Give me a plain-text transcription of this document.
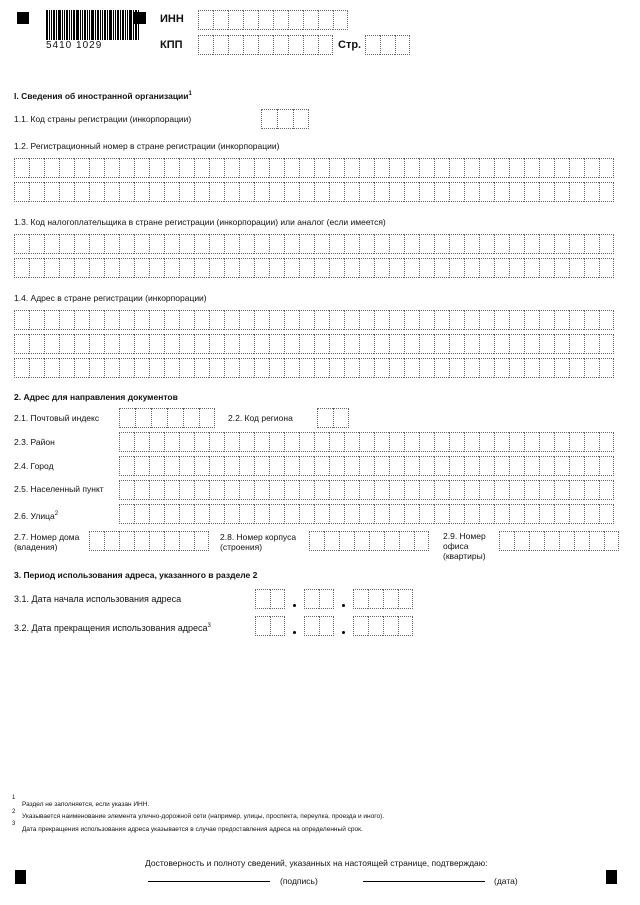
5410 1029
ИНН
КПП	Стр.
I. Сведения об иностранной организации$^1$
1.1. Код страны регистрации (инкорпорации)
1.2. Регистрационный номер в стране регистрации (инкорпорации)
1.3. Код налогоплательщика в стране регистрации (инкорпорации) или аналог (если имеется)
1.4. Адрес в стране регистрации (инкорпорации)
2. Адрес для направления документов
2.1. Почтовый индекс	2.2. Код региона
2.3. Район
2.4. Город
2.5. Населенный пункт
2.6. Улица$^2$
2.7. Номер дома
(владения)
2.8. Номер корпуса
(строения)
2.9. Номер
офиса
(квартиры)
3. Период использования адреса, указанного в разделе 2
3.1. Дата начала использования адреса
3.2. Дата прекращения использования адреса$^3$
1
Раздел не заполняется, если указан ИНН.
2
Указывается наименование элемента улично-дорожной сети (например, улицы, проспекта, переулка, проезда и иного).
3
Дата прекращения использования адреса указывается в случае предоставления адреса на определенный срок.
Достоверность и полноту сведений, указанных на настоящей странице, подтверждаю:
(подпись)	(дата)
